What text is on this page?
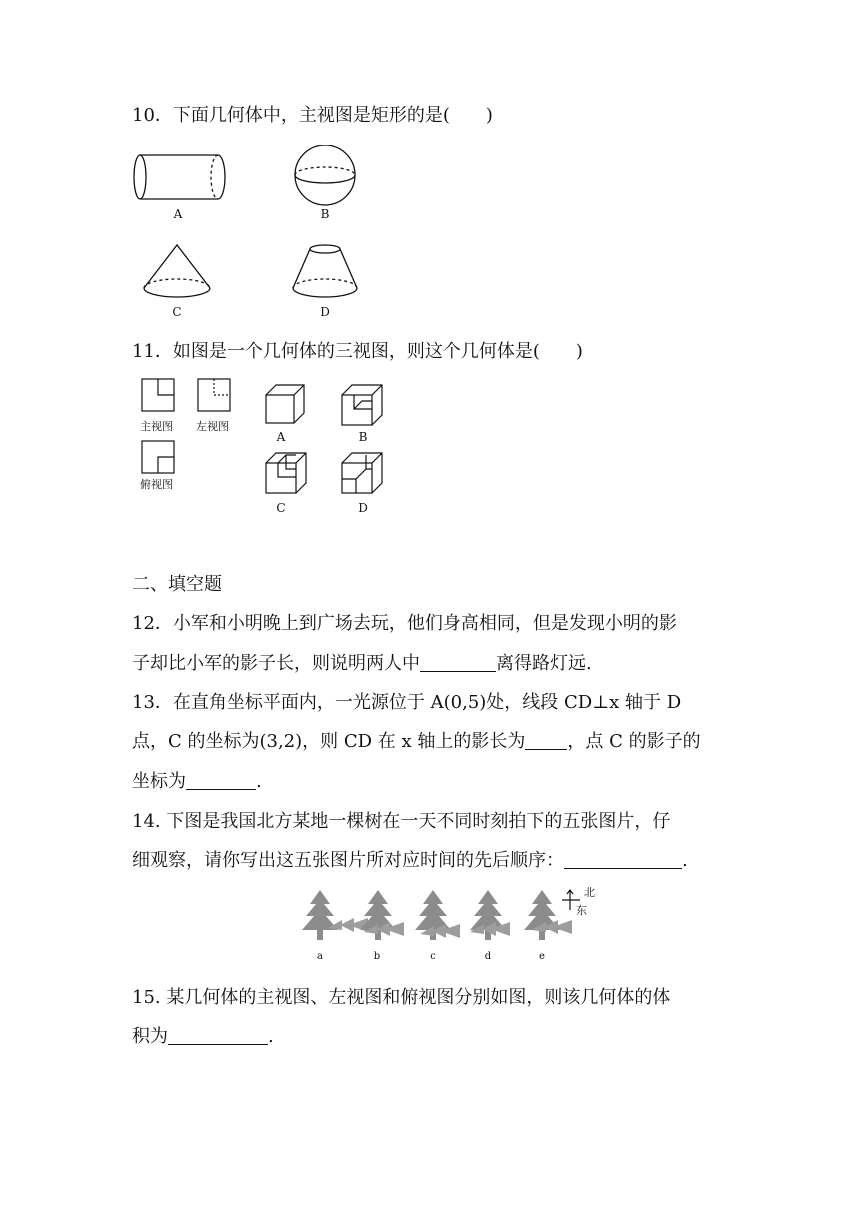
10．下面几何体中，主视图是矩形的是(　　)
A	B
C	D
11．如图是一个几何体的三视图，则这个几何体是(　　)
主视图 左视图
俯视图
A	B
C	D
二、填空题
12．小军和小明晚上到广场去玩，他们身高相同，但是发现小明的影
子却比小军的影子长，则说明两人中	离得路灯远.
13．在直角坐标平面内，一光源位于 A(0,5)处，线段 CD⊥x 轴于 D
点，C 的坐标为(3,2)，则 CD 在 x 轴上的影长为 ，点 C 的影子的
坐标为	.
14. 下图是我国北方某地一棵树在一天不同时刻拍下的五张图片，仔
细观察，请你写出这五张图片所对应时间的先后顺序：	.
北
东
a	b	c	d	e
15. 某几何体的主视图、左视图和俯视图分别如图，则该几何体的体
积为	.
